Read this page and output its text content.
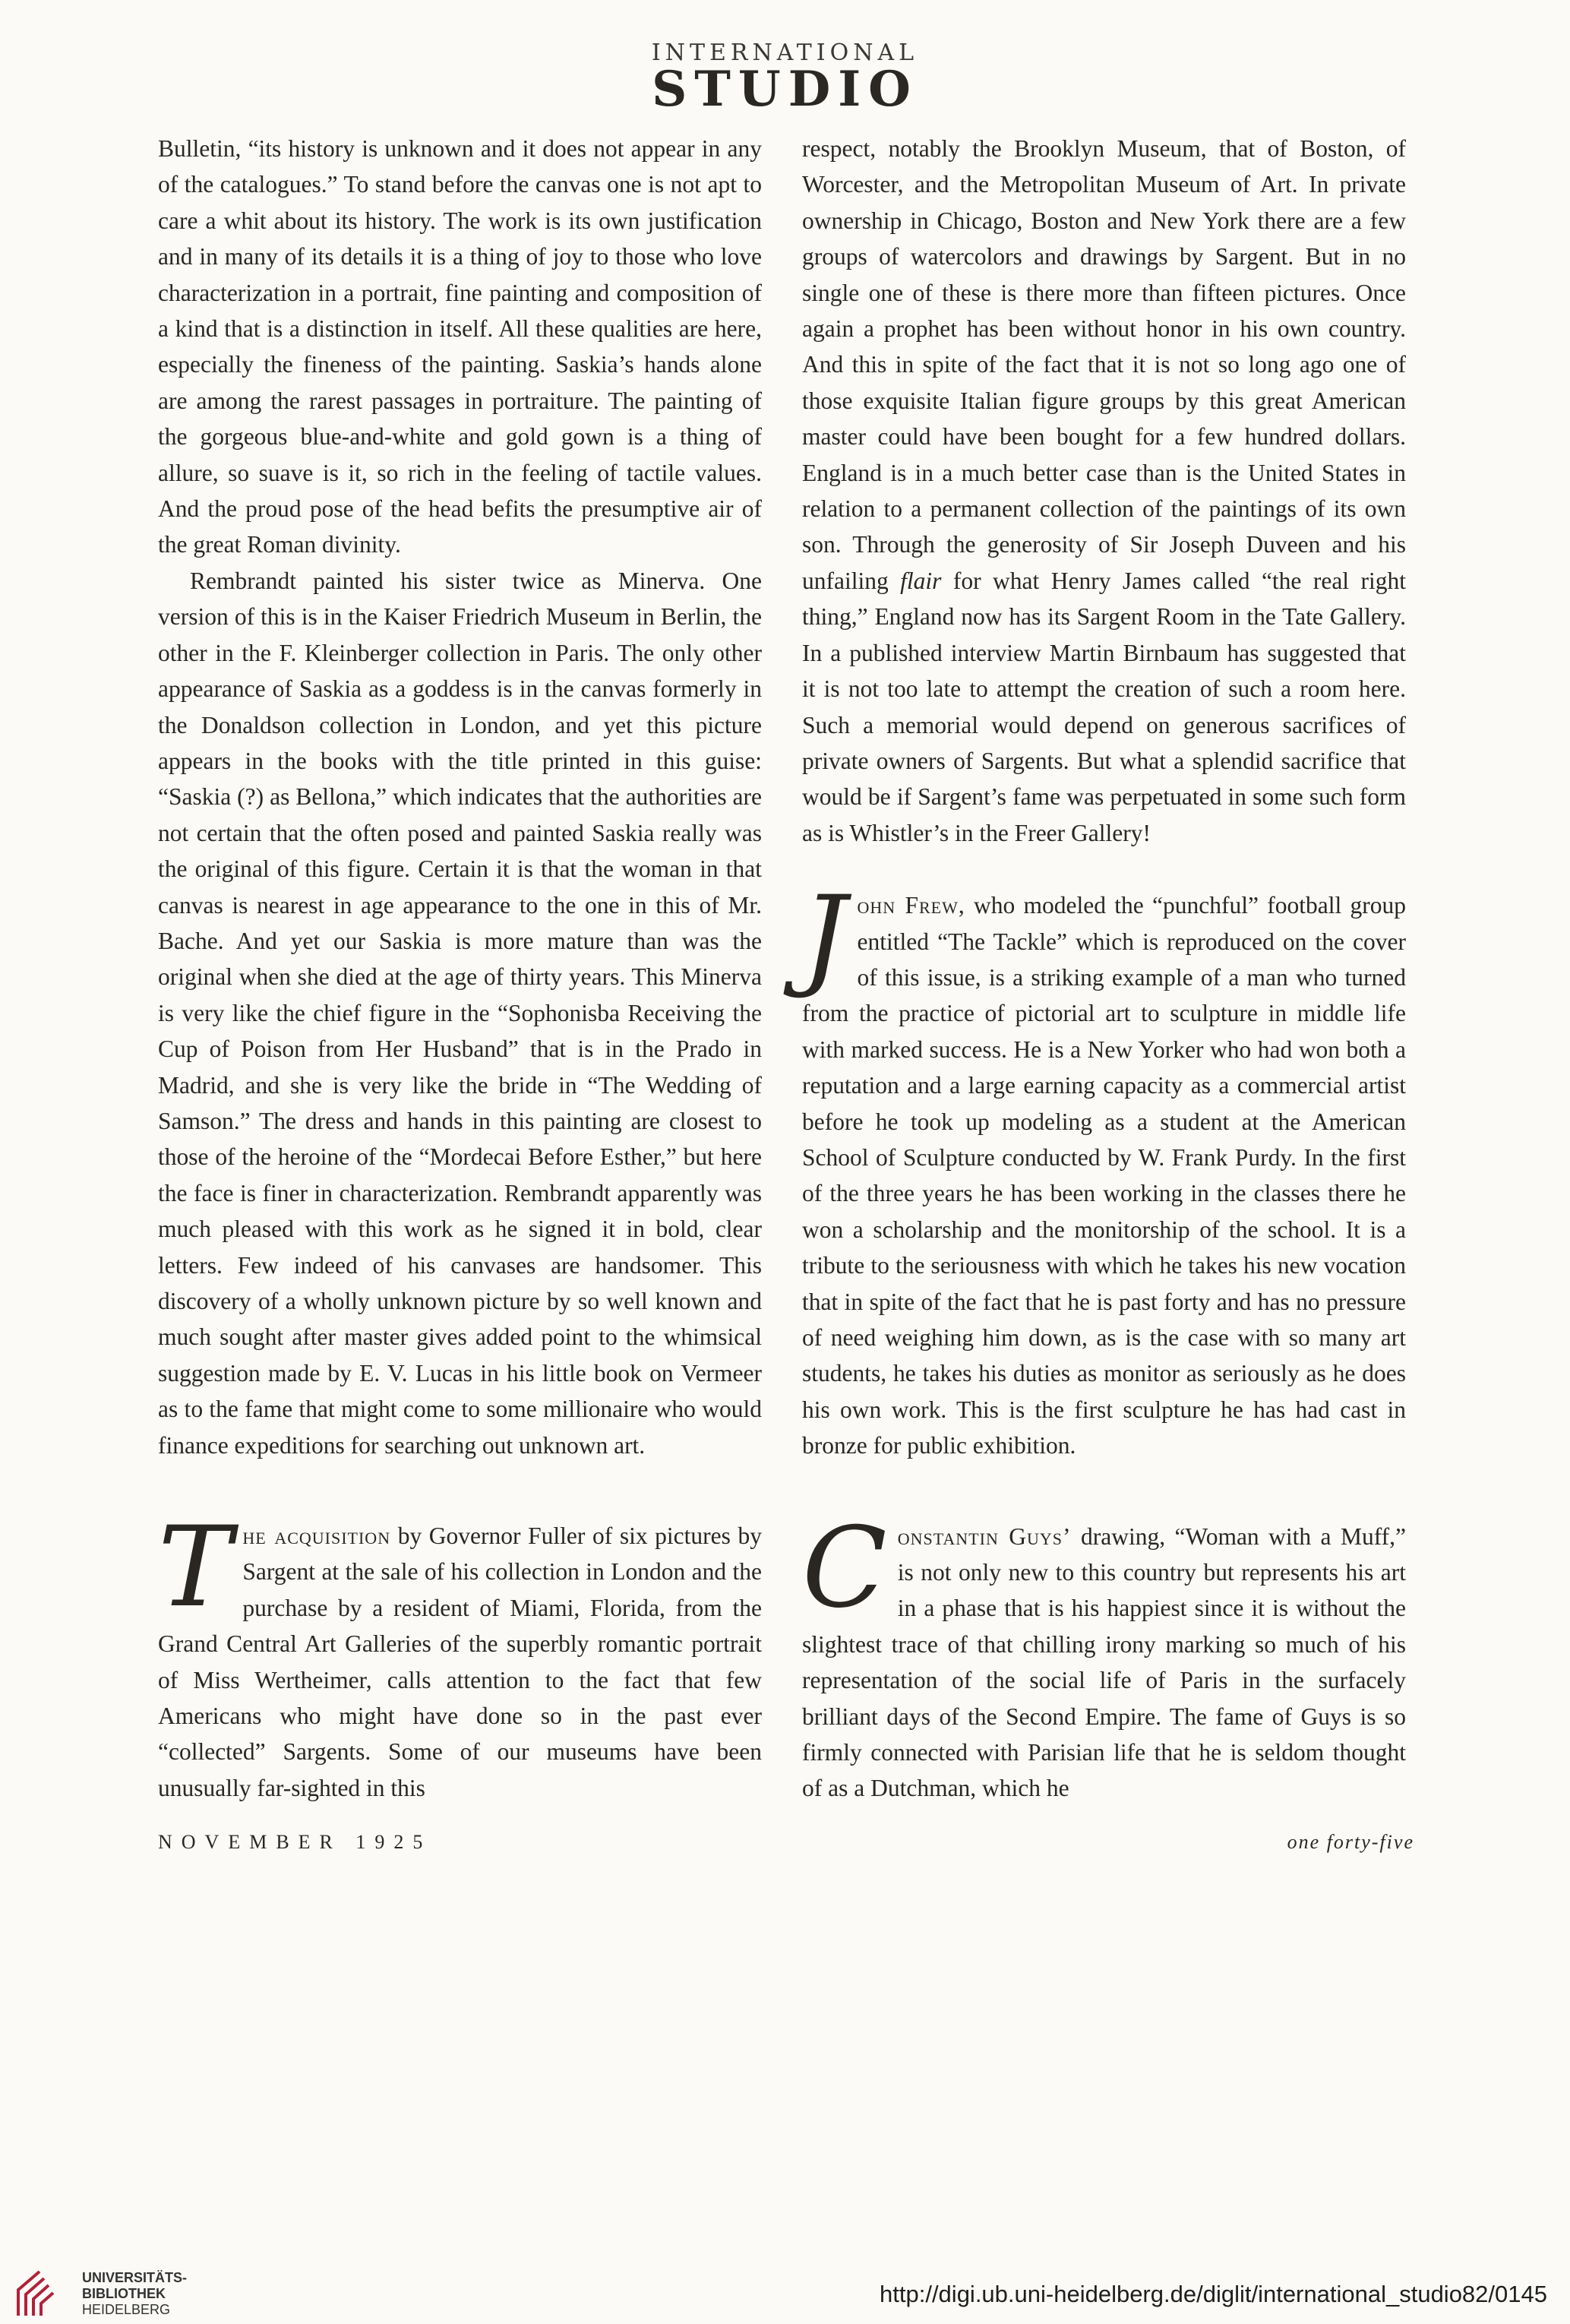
INTERNATIONAL
STUDIO

Bulletin, “its history is unknown and it does not appear in any of the catalogues.” To stand before the canvas one is not apt to care a whit about its history. The work is its own justification and in many of its details it is a thing of joy to those who love characterization in a portrait, fine painting and composition of a kind that is a distinction in itself. All these qualities are here, especially the fineness of the painting. Saskia’s hands alone are among the rarest passages in portraiture. The painting of the gorgeous blue-and-white and gold gown is a thing of allure, so suave is it, so rich in the feeling of tactile values. And the proud pose of the head befits the presumptive air of the great Roman divinity.

Rembrandt painted his sister twice as Minerva. One version of this is in the Kaiser Friedrich Museum in Berlin, the other in the F. Kleinberger collection in Paris. The only other appearance of Saskia as a goddess is in the canvas formerly in the Donaldson collection in London, and yet this picture appears in the books with the title printed in this guise: “Saskia (?) as Bellona,” which indicates that the authorities are not certain that the often posed and painted Saskia really was the original of this figure. Certain it is that the woman in that canvas is nearest in age appearance to the one in this of Mr. Bache. And yet our Saskia is more mature than was the original when she died at the age of thirty years. This Minerva is very like the chief figure in the “Sophonisba Receiving the Cup of Poison from Her Husband” that is in the Prado in Madrid, and she is very like the bride in “The Wedding of Samson.” The dress and hands in this painting are closest to those of the heroine of the “Mordecai Before Esther,” but here the face is finer in characterization. Rembrandt apparently was much pleased with this work as he signed it in bold, clear letters. Few indeed of his canvases are handsomer. This discovery of a wholly unknown picture by so well known and much sought after master gives added point to the whimsical suggestion made by E. V. Lucas in his little book on Vermeer as to the fame that might come to some millionaire who would finance expeditions for searching out unknown art.

The acquisition by Governor Fuller of six pictures by Sargent at the sale of his collection in London and the purchase by a resident of Miami, Florida, from the Grand Central Art Galleries of the superbly romantic portrait of Miss Wertheimer, calls attention to the fact that few Americans who might have done so in the past ever “collected” Sargents. Some of our museums have been unusually far-sighted in this

respect, notably the Brooklyn Museum, that of Boston, of Worcester, and the Metropolitan Museum of Art. In private ownership in Chicago, Boston and New York there are a few groups of watercolors and drawings by Sargent. But in no single one of these is there more than fifteen pictures. Once again a prophet has been without honor in his own country. And this in spite of the fact that it is not so long ago one of those exquisite Italian figure groups by this great American master could have been bought for a few hundred dollars. England is in a much better case than is the United States in relation to a permanent collection of the paintings of its own son. Through the generosity of Sir Joseph Duveen and his unfailing flair for what Henry James called “the real right thing,” England now has its Sargent Room in the Tate Gallery. In a published interview Martin Birnbaum has suggested that it is not too late to attempt the creation of such a room here. Such a memorial would depend on generous sacrifices of private owners of Sargents. But what a splendid sacrifice that would be if Sargent’s fame was perpetuated in some such form as is Whistler’s in the Freer Gallery!

John Frew, who modeled the “punchful” football group entitled “The Tackle” which is reproduced on the cover of this issue, is a striking example of a man who turned from the practice of pictorial art to sculpture in middle life with marked success. He is a New Yorker who had won both a reputation and a large earning capacity as a commercial artist before he took up modeling as a student at the American School of Sculpture conducted by W. Frank Purdy. In the first of the three years he has been working in the classes there he won a scholarship and the monitorship of the school. It is a tribute to the seriousness with which he takes his new vocation that in spite of the fact that he is past forty and has no pressure of need weighing him down, as is the case with so many art students, he takes his duties as monitor as seriously as he does his own work. This is the first sculpture he has had cast in bronze for public exhibition.

Constantin Guys’ drawing, “Woman with a Muff,” is not only new to this country but represents his art in a phase that is his happiest since it is without the slightest trace of that chilling irony marking so much of his representation of the social life of Paris in the surfacely brilliant days of the Second Empire. The fame of Guys is so firmly connected with Parisian life that he is seldom thought of as a Dutchman, which he

NOVEMBER 1925	one forty-five
UNIVERSITÄTS-
BIBLIOTHEK
HEIDELBERG
http://digi.ub.uni-heidelberg.de/diglit/international_studio82/0145
